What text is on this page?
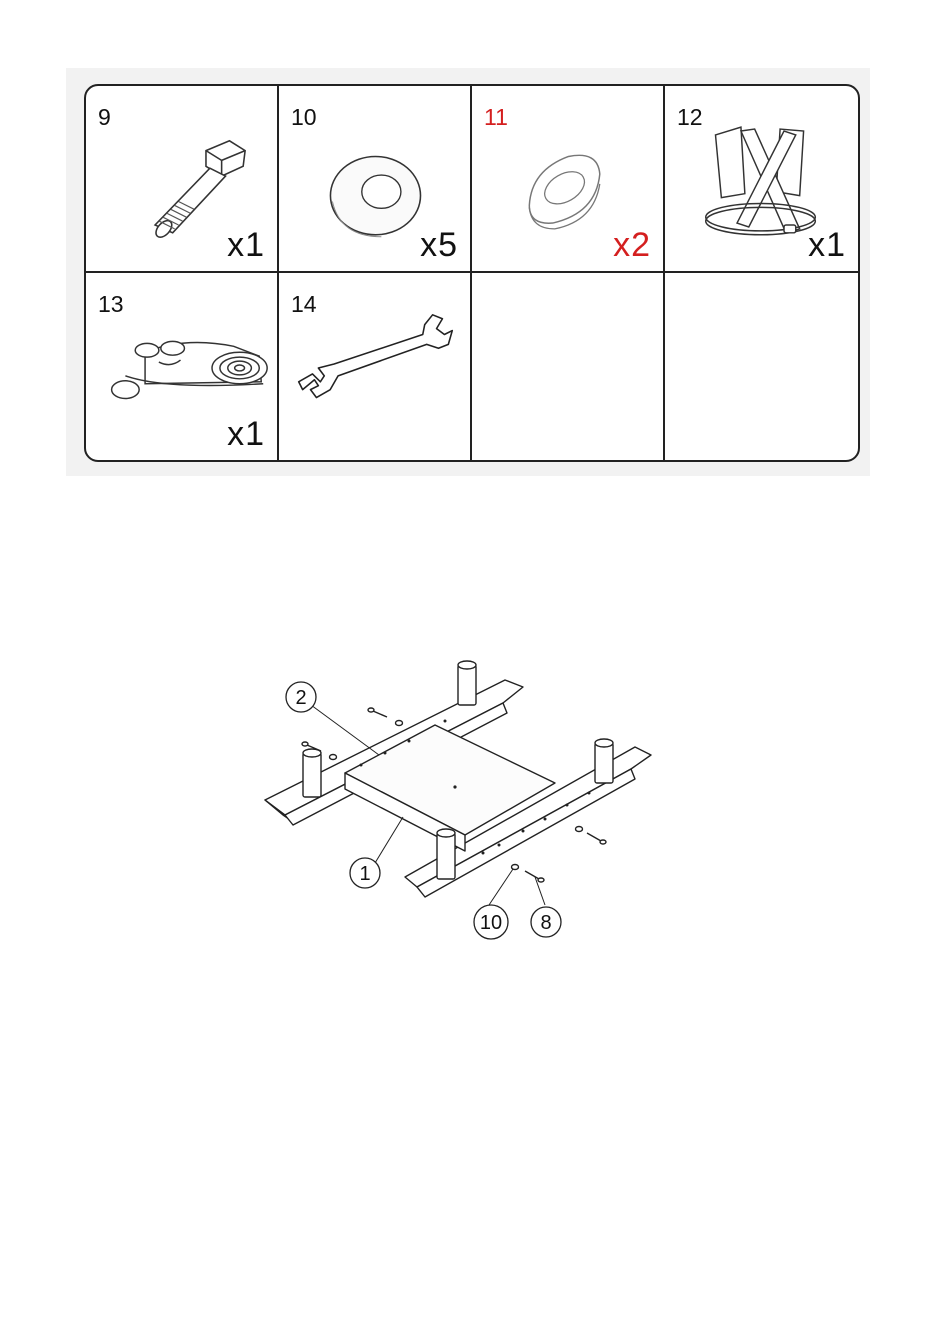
9
x1
10
x5
11
x2
12
x1
13
x1
14
2
1
10 8
